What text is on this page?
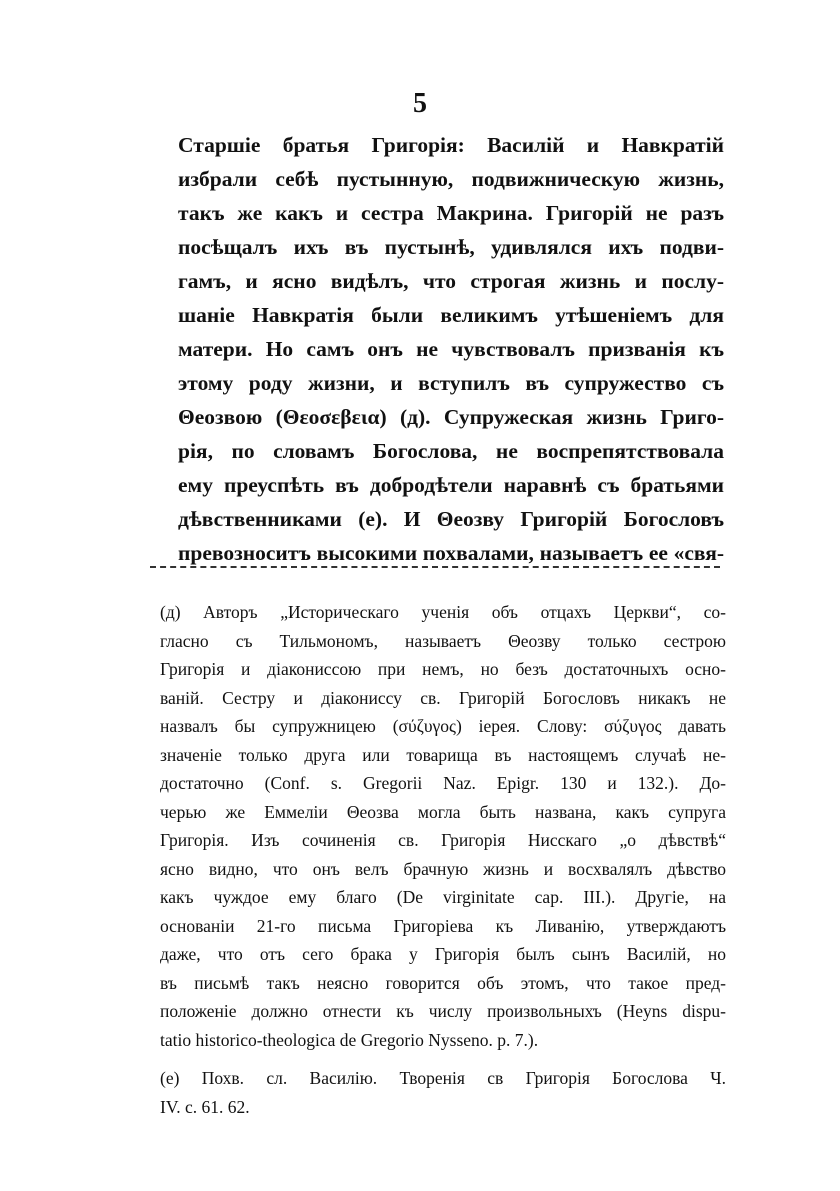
5
Старшіе братья Григорія: Василій и Навкратій
избрали себѣ пустынную, подвижническую жизнь,
такъ же какъ и сестра Макрина. Григорій не разъ
посѣщалъ ихъ въ пустынѣ, удивлялся ихъ подви-
гамъ, и ясно видѣлъ, что строгая жизнь и послу-
шаніе Навкратія были великимъ утѣшеніемъ для
матери. Но самъ онъ не чувствовалъ призванія къ
этому роду жизни, и вступилъ въ супружество съ
Θеозвою (Θεοσεβεια) (д). Супружеская жизнь Григо-
рія, по словамъ Богослова, не воспрепятствовала
ему преуспѣть въ добродѣтели наравнѣ съ братьями
дѣвственниками (е). И Θеозву Григорій Богословъ
превозноситъ высокими похвалами, называетъ ее «свя-
(д) Авторъ „Историческаго ученія объ отцахъ Церкви“, со-
гласно съ Тильмономъ, называетъ Θеозву только сестрою
Григорія и діакониссою при немъ, но безъ достаточныхъ осно-
ваній. Сестру и діакониссу св. Григорій Богословъ никакъ не
назвалъ бы супружницею (σύζυγος) іерея. Слову: σύζυγος давать
значеніе только друга или товарища въ настоящемъ случаѣ не-
достаточно (Conf. s. Gregorii Naz. Epigr. 130 и 132.). До-
черью же Еммеліи Θеозва могла быть названа, какъ супруга
Григорія. Изъ сочиненія св. Григорія Нисскаго „о дѣвствѣ“
ясно видно, что онъ велъ брачную жизнь и восхвалялъ дѣвство
какъ чуждое ему благо (De virginitate cap. III.). Другіе, на
основаніи 21-го письма Григоріева къ Ливанію, утверждаютъ
даже, что отъ сего брака у Григорія былъ сынъ Василій, но
въ письмѣ такъ неясно говорится объ этомъ, что такое пред-
положеніе должно отнести къ числу произвольныхъ (Heyns dispu-
tatio historico-theologica de Gregorio Nysseno. p. 7.).
(е) Похв. сл. Василію. Творенія св Григорія Богослова Ч.
IV. с. 61. 62.
